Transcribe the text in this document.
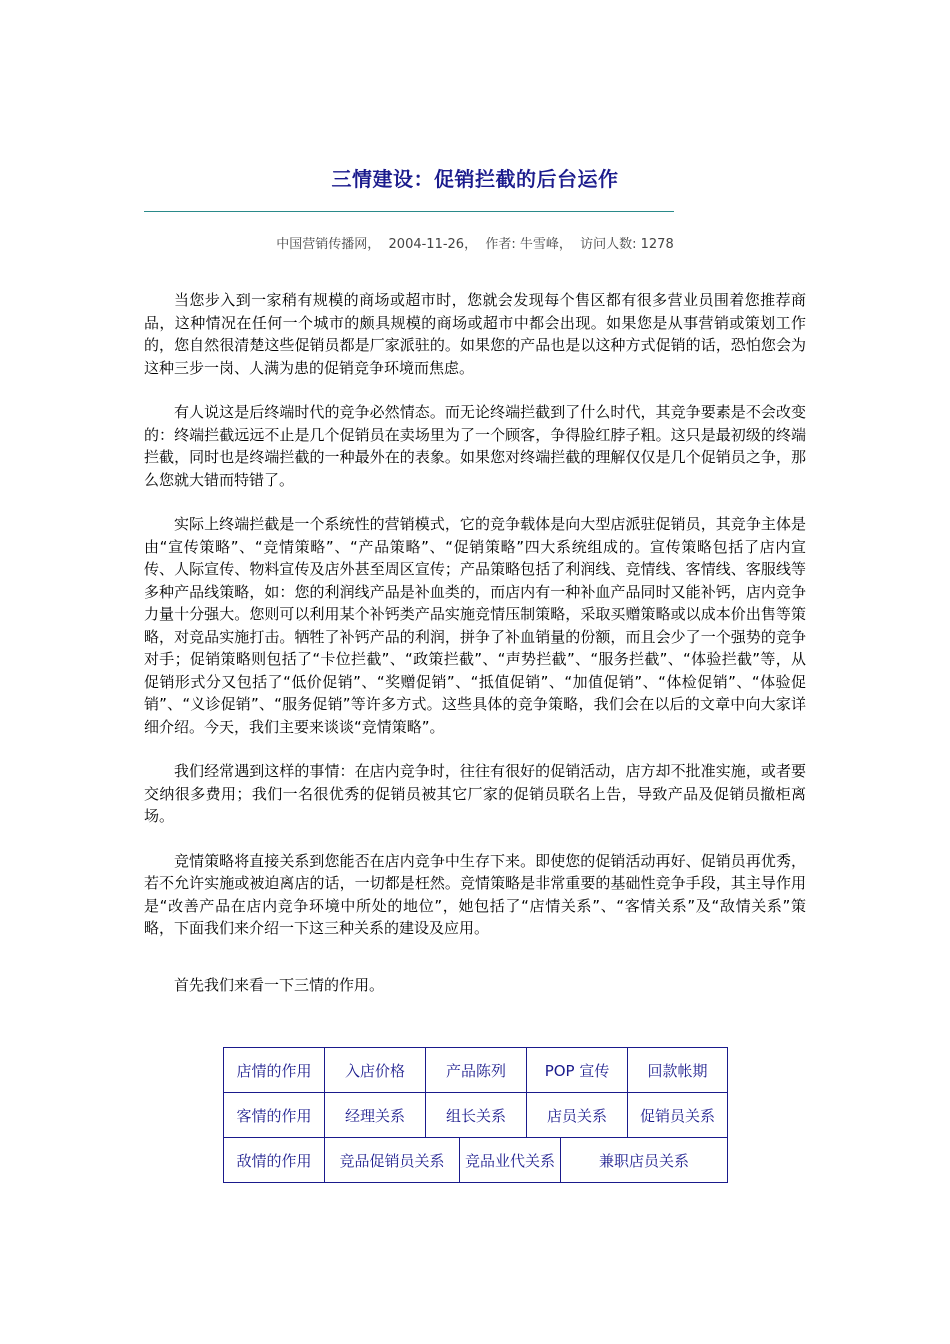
三情建设：促销拦截的后台运作
中国营销传播网，  2004-11-26，  作者: 牛雪峰，  访问人数: 1278

当您步入到一家稍有规模的商场或超市时，您就会发现每个售区都有很多营业员围着您推荐商品，这种情况在任何一个城市的颇具规模的商场或超市中都会出现。如果您是从事营销或策划工作的，您自然很清楚这些促销员都是厂家派驻的。如果您的产品也是以这种方式促销的话，恐怕您会为这种三步一岗、人满为患的促销竞争环境而焦虑。

有人说这是后终端时代的竞争必然情态。而无论终端拦截到了什么时代，其竞争要素是不会改变的：终端拦截远远不止是几个促销员在卖场里为了一个顾客，争得脸红脖子粗。这只是最初级的终端拦截，同时也是终端拦截的一种最外在的表象。如果您对终端拦截的理解仅仅是几个促销员之争，那么您就大错而特错了。

实际上终端拦截是一个系统性的营销模式，它的竞争载体是向大型店派驻促销员，其竞争主体是由“宣传策略”、“竞情策略”、“产品策略”、“促销策略”四大系统组成的。宣传策略包括了店内宣传、人际宣传、物料宣传及店外甚至周区宣传；产品策略包括了利润线、竞情线、客情线、客服线等多种产品线策略，如：您的利润线产品是补血类的，而店内有一种补血产品同时又能补钙，店内竞争力量十分强大。您则可以利用某个补钙类产品实施竞情压制策略，采取买赠策略或以成本价出售等策略，对竞品实施打击。牺牲了补钙产品的利润，拼争了补血销量的份额，而且会少了一个强势的竞争对手；促销策略则包括了“卡位拦截”、“政策拦截”、“声势拦截”、“服务拦截”、“体验拦截”等，从促销形式分又包括了“低价促销”、“奖赠促销”、“抵值促销”、“加值促销”、“体检促销”、“体验促销”、“义诊促销”、“服务促销”等许多方式。这些具体的竞争策略，我们会在以后的文章中向大家详细介绍。今天，我们主要来谈谈“竞情策略”。

我们经常遇到这样的事情：在店内竞争时，往往有很好的促销活动，店方却不批准实施，或者要交纳很多费用；我们一名很优秀的促销员被其它厂家的促销员联名上告，导致产品及促销员撤柜离场。

竞情策略将直接关系到您能否在店内竞争中生存下来。即使您的促销活动再好、促销员再优秀，若不允许实施或被迫离店的话，一切都是枉然。竞情策略是非常重要的基础性竞争手段，其主导作用是“改善产品在店内竞争环境中所处的地位”，她包括了“店情关系”、“客情关系”及“敌情关系”策略，下面我们来介绍一下这三种关系的建设及应用。

首先我们来看一下三情的作用。

店情的作用	入店价格	产品陈列		POP 宣传		回款帐期
客情的作用	经理关系	组长关系		店员关系		促销员关系
敌情的作用	竞品促销员关系		竞品业代关系		兼职店员关系	
